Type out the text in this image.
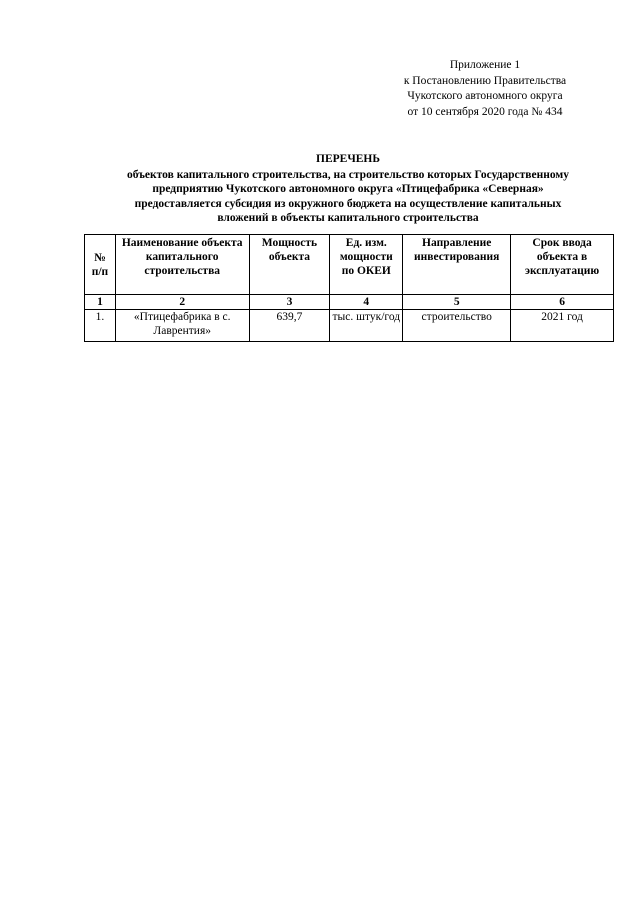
Приложение 1
к Постановлению Правительства
Чукотского автономного округа
от 10 сентября 2020 года № 434
ПЕРЕЧЕНЬ
объектов капитального строительства, на строительство которых Государственному
предприятию Чукотского автономного округа «Птицефабрика «Северная»
предоставляется субсидия из окружного бюджета на осуществление капитальных
вложений в объекты капитального строительства
№
п/п	Наименование объекта капитального строительства	Мощность объекта	Ед. изм. мощности по ОКЕИ	Направление инвестирования	Срок ввода объекта в эксплуатацию
1	2	3	4	5	6
1.	«Птицефабрика в с. Лаврентия»	639,7	тыс. штук/год	строительство	2021 год
